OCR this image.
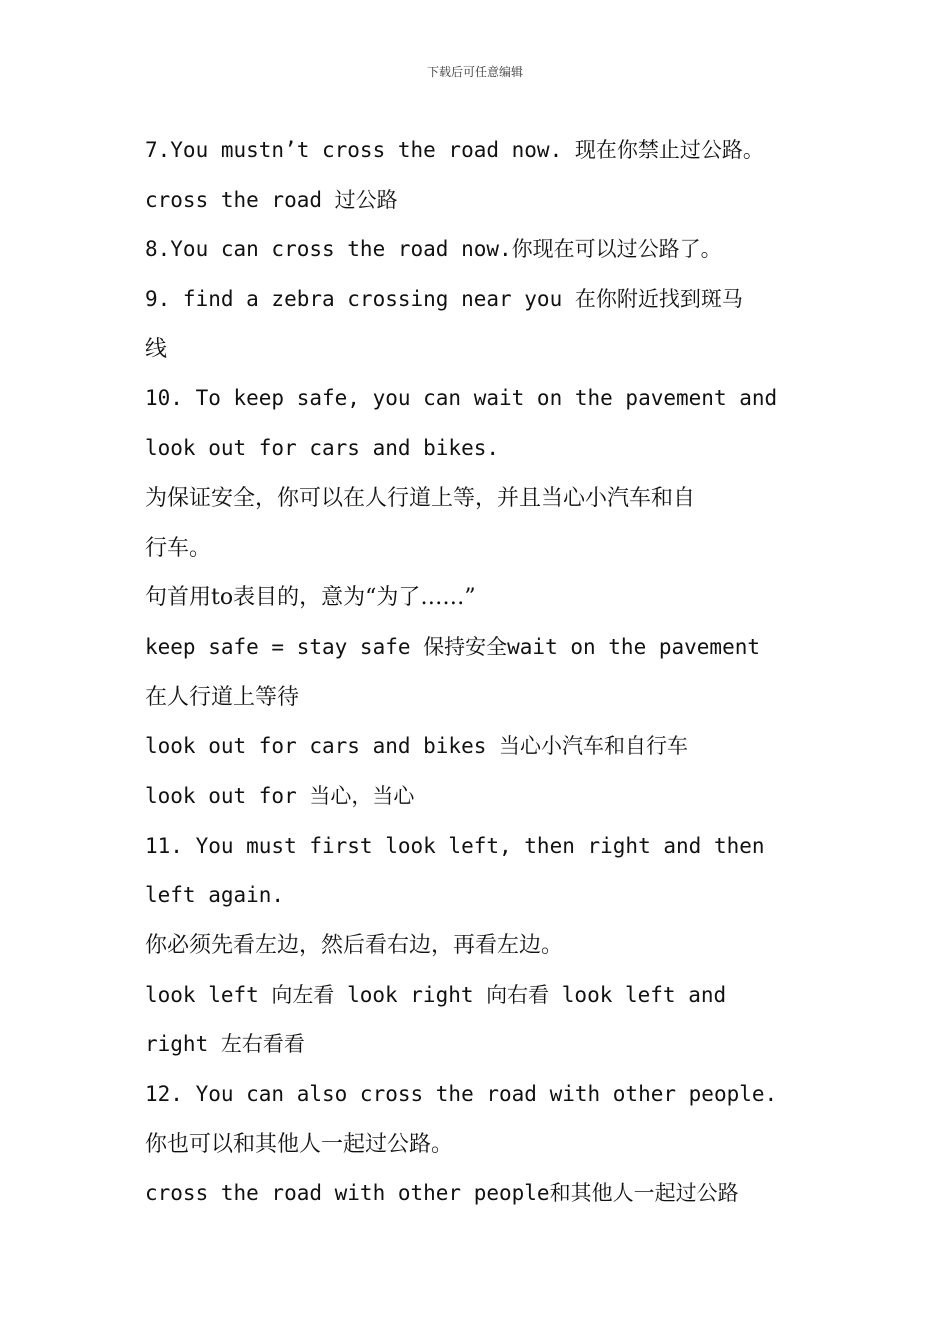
下载后可任意编辑
7.You mustn’t cross the road now. 现在你禁止过公路。
cross the road 过公路
8.You can cross the road now.你现在可以过公路了。
9. find a zebra crossing near you 在你附近找到斑马
线
10. To keep safe, you can wait on the pavement and
look out for cars and bikes.
为保证安全，你可以在人行道上等，并且当心小汽车和自
行车。
句首用to表目的，意为“为了……”
keep safe = stay safe 保持安全wait on the pavement
在人行道上等待
look out for cars and bikes 当心小汽车和自行车
look out for 当心，当心
11. You must first look left, then right and then
left again.
你必须先看左边，然后看右边，再看左边。
look left 向左看 look right 向右看 look left and
right 左右看看
12. You can also cross the road with other people.
你也可以和其他人一起过公路。
cross the road with other people和其他人一起过公路
